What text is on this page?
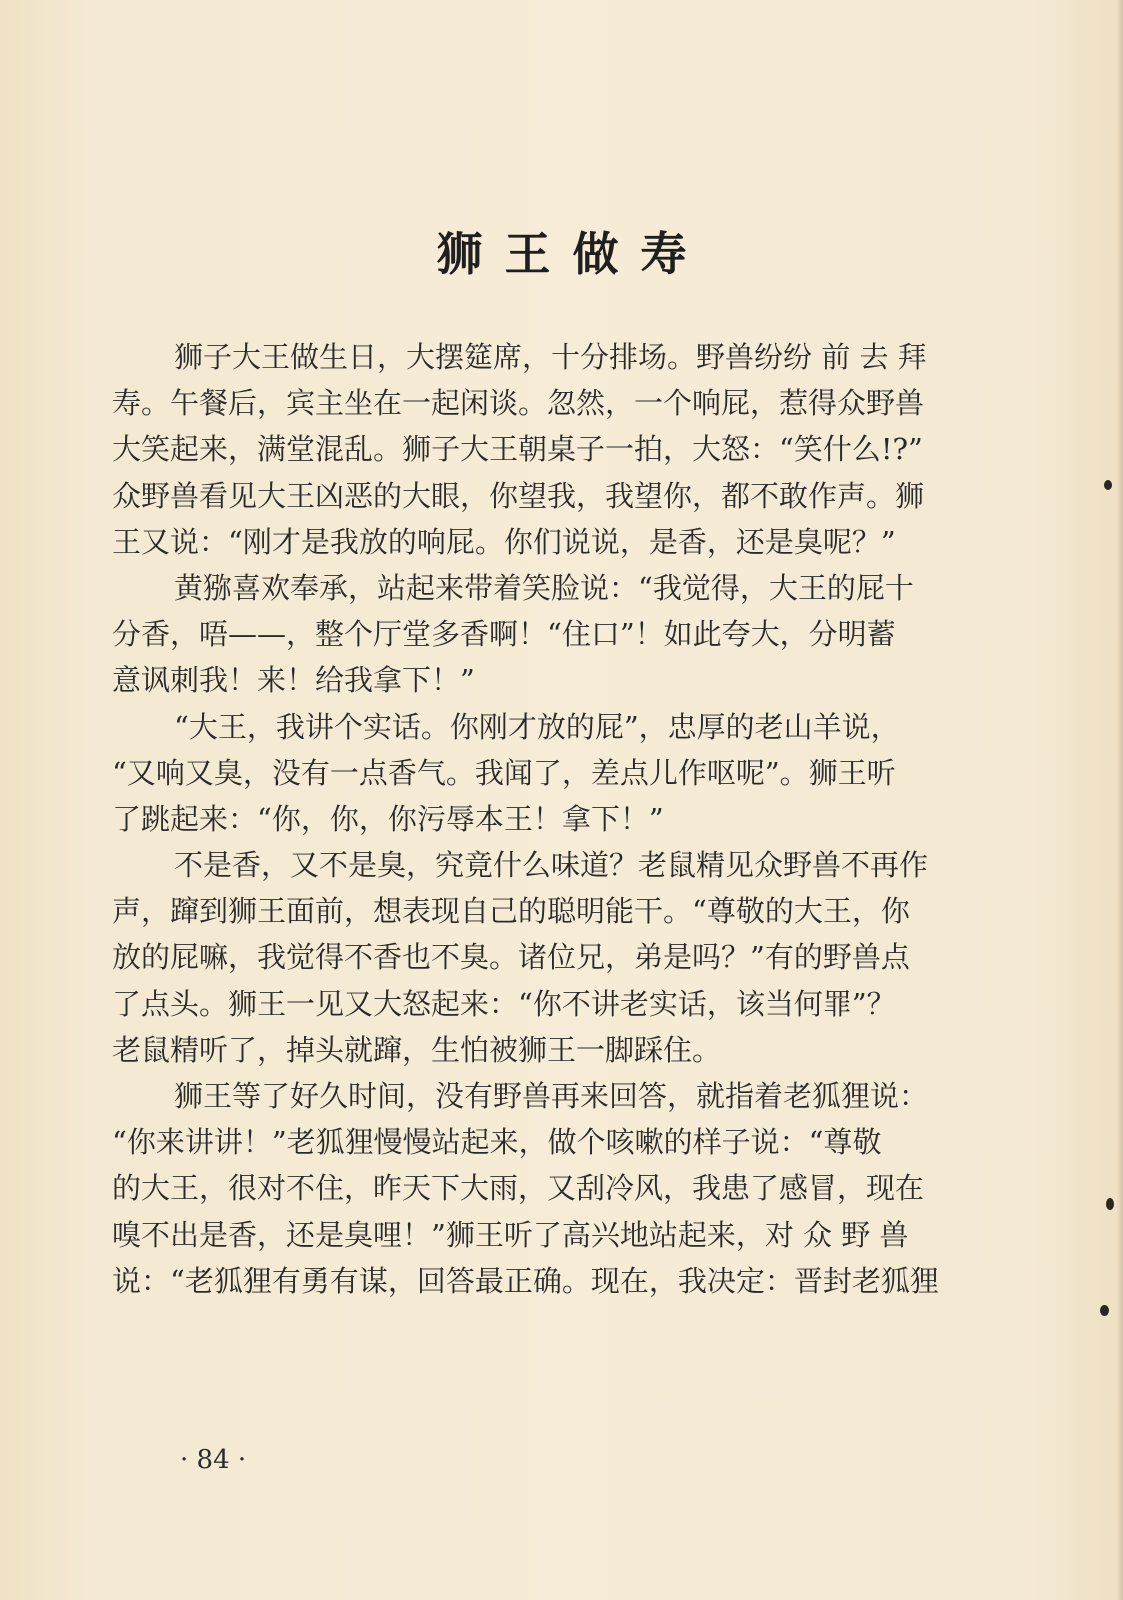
狮王做寿
狮子大王做生日，大摆筵席，十分排场。野兽纷纷 前 去 拜
寿。午餐后，宾主坐在一起闲谈。忽然，一个响屁，惹得众野兽
大笑起来，满堂混乱。狮子大王朝桌子一拍，大怒：“笑什么!?”
众野兽看见大王凶恶的大眼，你望我，我望你，都不敢作声。狮
王又说：“刚才是我放的响屁。你们说说，是香，还是臭呢？”
黄猕喜欢奉承，站起来带着笑脸说：“我觉得，大王的屁十
分香，唔——，整个厅堂多香啊！“住口”！如此夸大，分明蓄
意讽刺我！来！给我拿下！”
“大王，我讲个实话。你刚才放的屁”，忠厚的老山羊说，
“又响又臭，没有一点香气。我闻了，差点儿作呕呢”。狮王听
了跳起来：“你，你，你污辱本王！拿下！”
不是香，又不是臭，究竟什么味道？老鼠精见众野兽不再作
声，蹿到狮王面前，想表现自己的聪明能干。“尊敬的大王，你
放的屁嘛，我觉得不香也不臭。诸位兄，弟是吗？”有的野兽点
了点头。狮王一见又大怒起来：“你不讲老实话，该当何罪”？
老鼠精听了，掉头就蹿，生怕被狮王一脚踩住。
狮王等了好久时间，没有野兽再来回答，就指着老狐狸说：
“你来讲讲！”老狐狸慢慢站起来，做个咳嗽的样子说：“尊敬
的大王，很对不住，昨天下大雨，又刮冷风，我患了感冒，现在
嗅不出是香，还是臭哩！”狮王听了高兴地站起来，对 众 野 兽
说：“老狐狸有勇有谋，回答最正确。现在，我决定：晋封老狐狸
· 84 ·
